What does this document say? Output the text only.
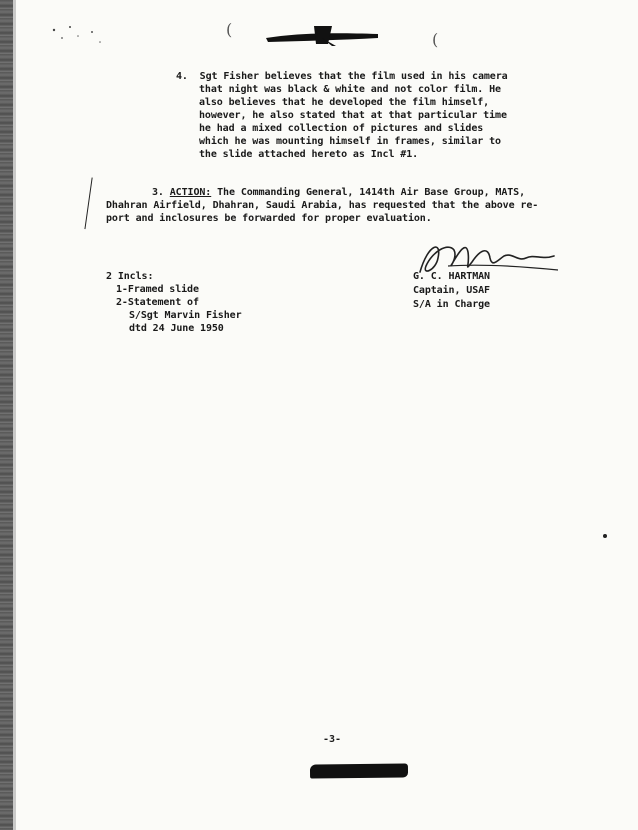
(
(
4.  Sgt Fisher believes that the film used in his camera
that night was black & white and not color film. He
also believes that he developed the film himself,
however, he also stated that at that particular time
he had a mixed collection of pictures and slides
which he was mounting himself in frames, similar to
the slide attached hereto as Incl #1.
3. ACTION: The Commanding General, 1414th Air Base Group, MATS,
Dhahran Airfield, Dhahran, Saudi Arabia, has requested that the above re-
port and inclosures be forwarded for proper evaluation.
G. C. HARTMAN
Captain, USAF
S/A in Charge
2 Incls:
1-Framed slide
2-Statement of
S/Sgt Marvin Fisher
dtd 24 June 1950
-3-
